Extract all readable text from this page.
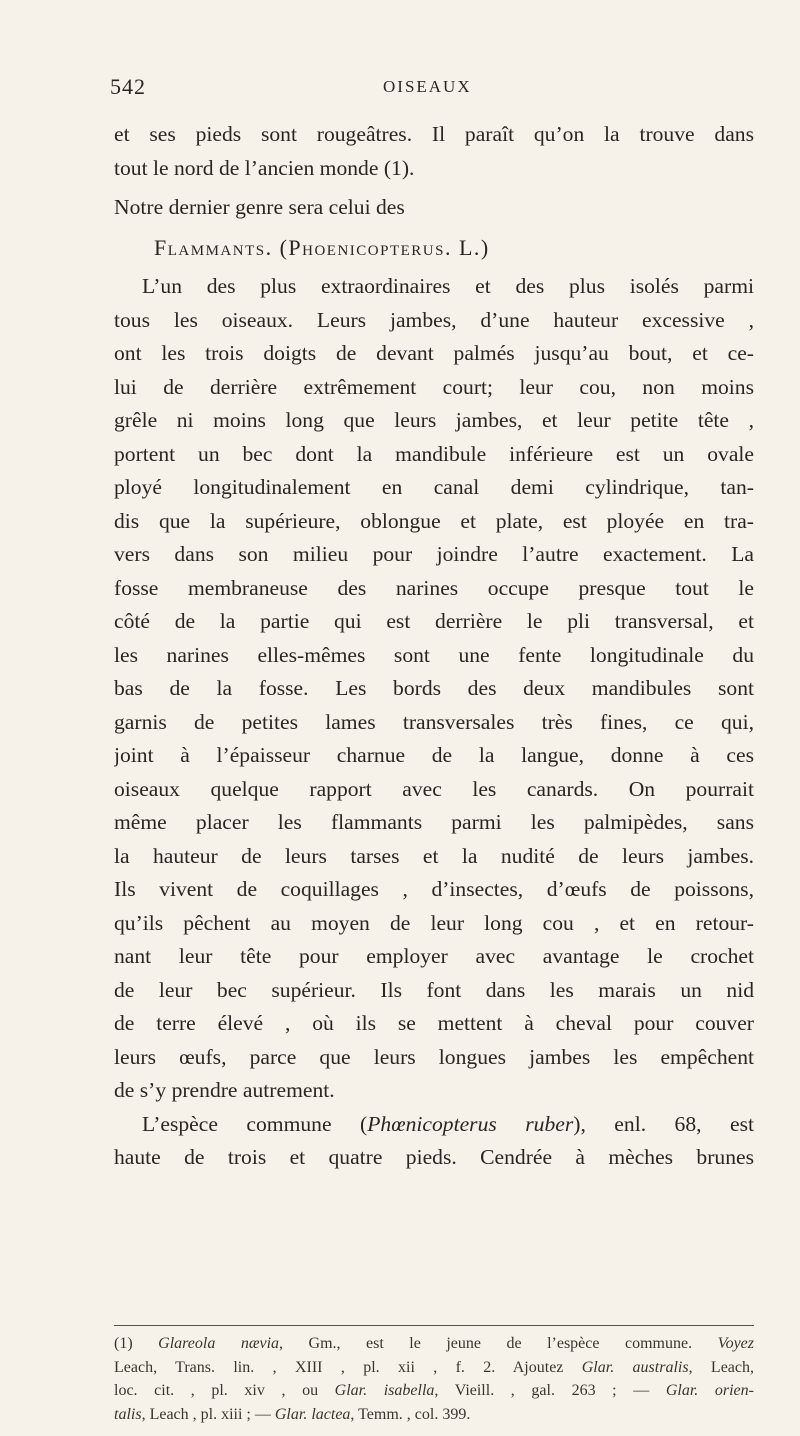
542	OISEAUX
et ses pieds sont rougeâtres. Il paraît qu’on la trouve dans
tout le nord de l’ancien monde (1).
Notre dernier genre sera celui des
Flammants. (Phoenicopterus. L.)
L’un des plus extraordinaires et des plus isolés parmi
tous les oiseaux. Leurs jambes, d’une hauteur excessive ,
ont les trois doigts de devant palmés jusqu’au bout, et ce-
lui de derrière extrêmement court; leur cou, non moins
grêle ni moins long que leurs jambes, et leur petite tête ,
portent un bec dont la mandibule inférieure est un ovale
ployé longitudinalement en canal demi cylindrique, tan-
dis que la supérieure, oblongue et plate, est ployée en tra-
vers dans son milieu pour joindre l’autre exactement. La
fosse membraneuse des narines occupe presque tout le
côté de la partie qui est derrière le pli transversal, et
les narines elles-mêmes sont une fente longitudinale du
bas de la fosse. Les bords des deux mandibules sont
garnis de petites lames transversales très fines, ce qui,
joint à l’épaisseur charnue de la langue, donne à ces
oiseaux quelque rapport avec les canards. On pourrait
même placer les flammants parmi les palmipèdes, sans
la hauteur de leurs tarses et la nudité de leurs jambes.
Ils vivent de coquillages , d’insectes, d’œufs de poissons,
qu’ils pêchent au moyen de leur long cou , et en retour-
nant leur tête pour employer avec avantage le crochet
de leur bec supérieur. Ils font dans les marais un nid
de terre élevé , où ils se mettent à cheval pour couver
leurs œufs, parce que leurs longues jambes les empêchent
de s’y prendre autrement.
L’espèce commune (Phœnicopterus ruber), enl. 68, est
haute de trois et quatre pieds. Cendrée à mèches brunes
(1) Glareola nævia, Gm., est le jeune de l’espèce commune. Voyez
Leach, Trans. lin. , XIII , pl. xii , f. 2. Ajoutez Glar. australis, Leach,
loc. cit. , pl. xiv , ou Glar. isabella, Vieill. , gal. 263 ; — Glar. orien-
talis, Leach , pl. xiii ; — Glar. lactea, Temm. , col. 399.
